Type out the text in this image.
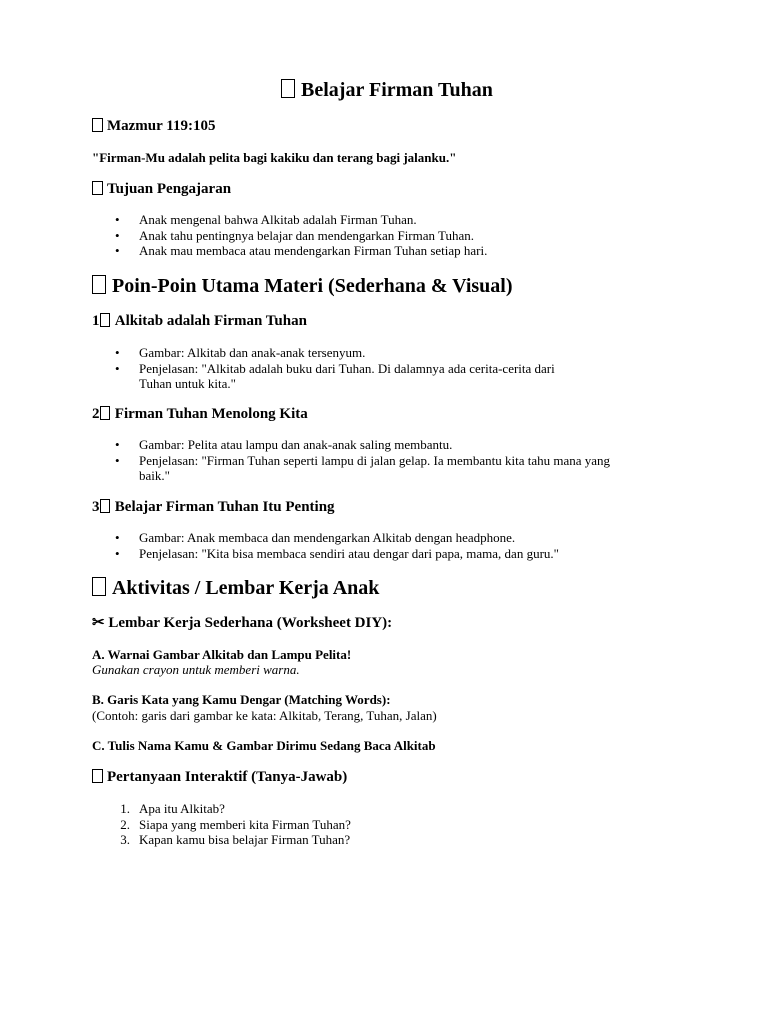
Belajar Firman Tuhan
Mazmur 119:105

"Firman-Mu adalah pelita bagi kakiku dan terang bagi jalanku."

Tujuan Pengajaran
• Anak mengenal bahwa Alkitab adalah Firman Tuhan.
• Anak tahu pentingnya belajar dan mendengarkan Firman Tuhan.
• Anak mau membaca atau mendengarkan Firman Tuhan setiap hari.
Poin-Poin Utama Materi (Sederhana & Visual)
1 Alkitab adalah Firman Tuhan
• Gambar: Alkitab dan anak-anak tersenyum.
• Penjelasan: "Alkitab adalah buku dari Tuhan. Di dalamnya ada cerita-cerita dari Tuhan untuk kita."
2 Firman Tuhan Menolong Kita
• Gambar: Pelita atau lampu dan anak-anak saling membantu.
• Penjelasan: "Firman Tuhan seperti lampu di jalan gelap. Ia membantu kita tahu mana yang baik."
3 Belajar Firman Tuhan Itu Penting
• Gambar: Anak membaca dan mendengarkan Alkitab dengan headphone.
• Penjelasan: "Kita bisa membaca sendiri atau dengar dari papa, mama, dan guru."
Aktivitas / Lembar Kerja Anak
✂ Lembar Kerja Sederhana (Worksheet DIY):

A. Warnai Gambar Alkitab dan Lampu Pelita!

Gunakan crayon untuk memberi warna.

B. Garis Kata yang Kamu Dengar (Matching Words):

(Contoh: garis dari gambar ke kata: Alkitab, Terang, Tuhan, Jalan)

C. Tulis Nama Kamu & Gambar Dirimu Sedang Baca Alkitab

Pertanyaan Interaktif (Tanya-Jawab)
1. Apa itu Alkitab?
2. Siapa yang memberi kita Firman Tuhan?
3. Kapan kamu bisa belajar Firman Tuhan?
